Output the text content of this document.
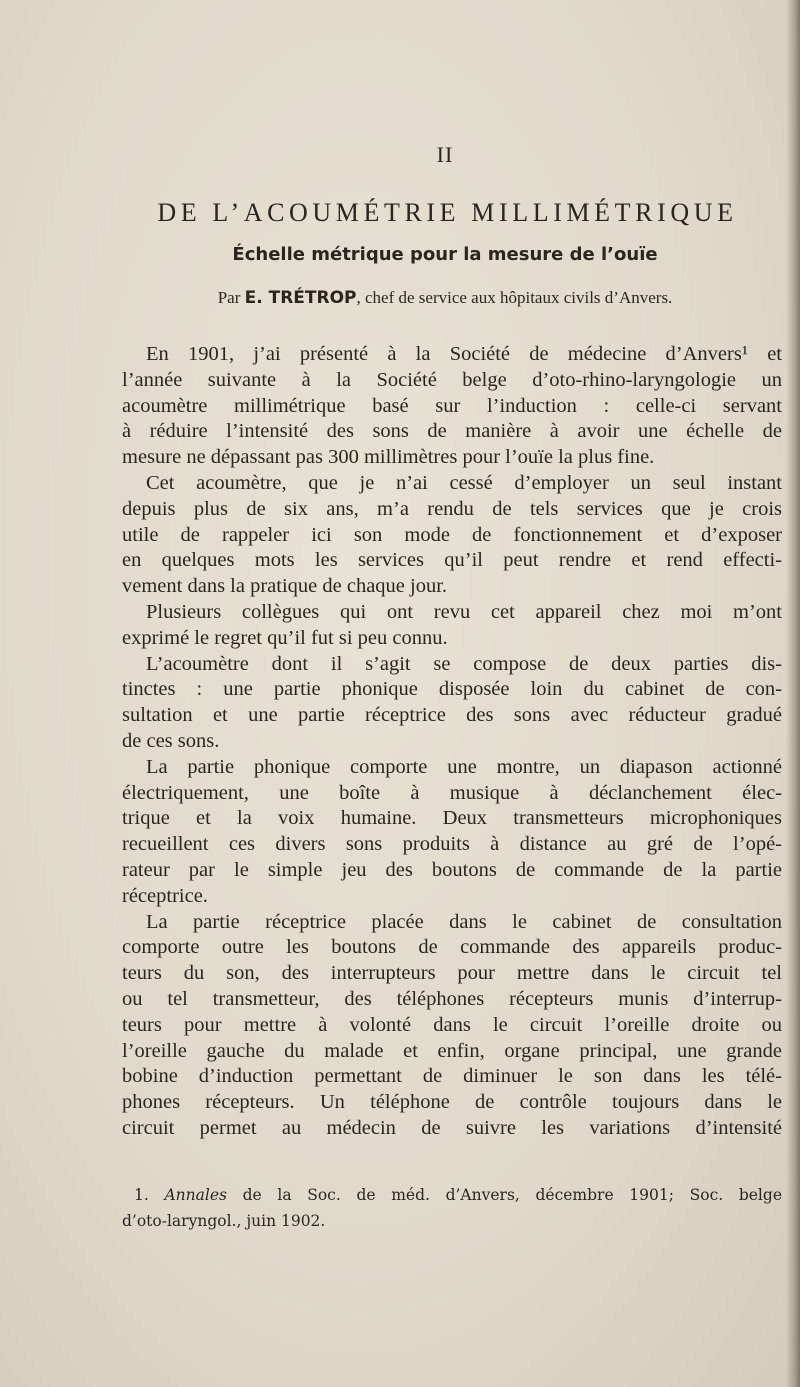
II
DE L’ACOUMÉTRIE MILLIMÉTRIQUE
Échelle métrique pour la mesure de l’ouïe
Par E. TRÉTROP, chef de service aux hôpitaux civils d’Anvers.
En 1901, j’ai présenté à la Société de médecine d’Anvers¹ et
l’année suivante à la Société belge d’oto-rhino-laryngologie un
acoumètre millimétrique basé sur l’induction : celle-ci servant
à réduire l’intensité des sons de manière à avoir une échelle de
mesure ne dépassant pas 300 millimètres pour l’ouïe la plus fine.
Cet acoumètre, que je n’ai cessé d’employer un seul instant
depuis plus de six ans, m’a rendu de tels services que je crois
utile de rappeler ici son mode de fonctionnement et d’exposer
en quelques mots les services qu’il peut rendre et rend effecti-
vement dans la pratique de chaque jour.
Plusieurs collègues qui ont revu cet appareil chez moi m’ont
exprimé le regret qu’il fut si peu connu.
L’acoumètre dont il s’agit se compose de deux parties dis-
tinctes : une partie phonique disposée loin du cabinet de con-
sultation et une partie réceptrice des sons avec réducteur gradué
de ces sons.
La partie phonique comporte une montre, un diapason actionné
électriquement, une boîte à musique à déclanchement élec-
trique et la voix humaine. Deux transmetteurs microphoniques
recueillent ces divers sons produits à distance au gré de l’opé-
rateur par le simple jeu des boutons de commande de la partie
réceptrice.
La partie réceptrice placée dans le cabinet de consultation
comporte outre les boutons de commande des appareils produc-
teurs du son, des interrupteurs pour mettre dans le circuit tel
ou tel transmetteur, des téléphones récepteurs munis d’interrup-
teurs pour mettre à volonté dans le circuit l’oreille droite ou
l’oreille gauche du malade et enfin, organe principal, une grande
bobine d’induction permettant de diminuer le son dans les télé-
phones récepteurs. Un téléphone de contrôle toujours dans le
circuit permet au médecin de suivre les variations d’intensité
1. Annales de la Soc. de méd. d’Anvers, décembre 1901; Soc. belge
d’oto-laryngol., juin 1902.
